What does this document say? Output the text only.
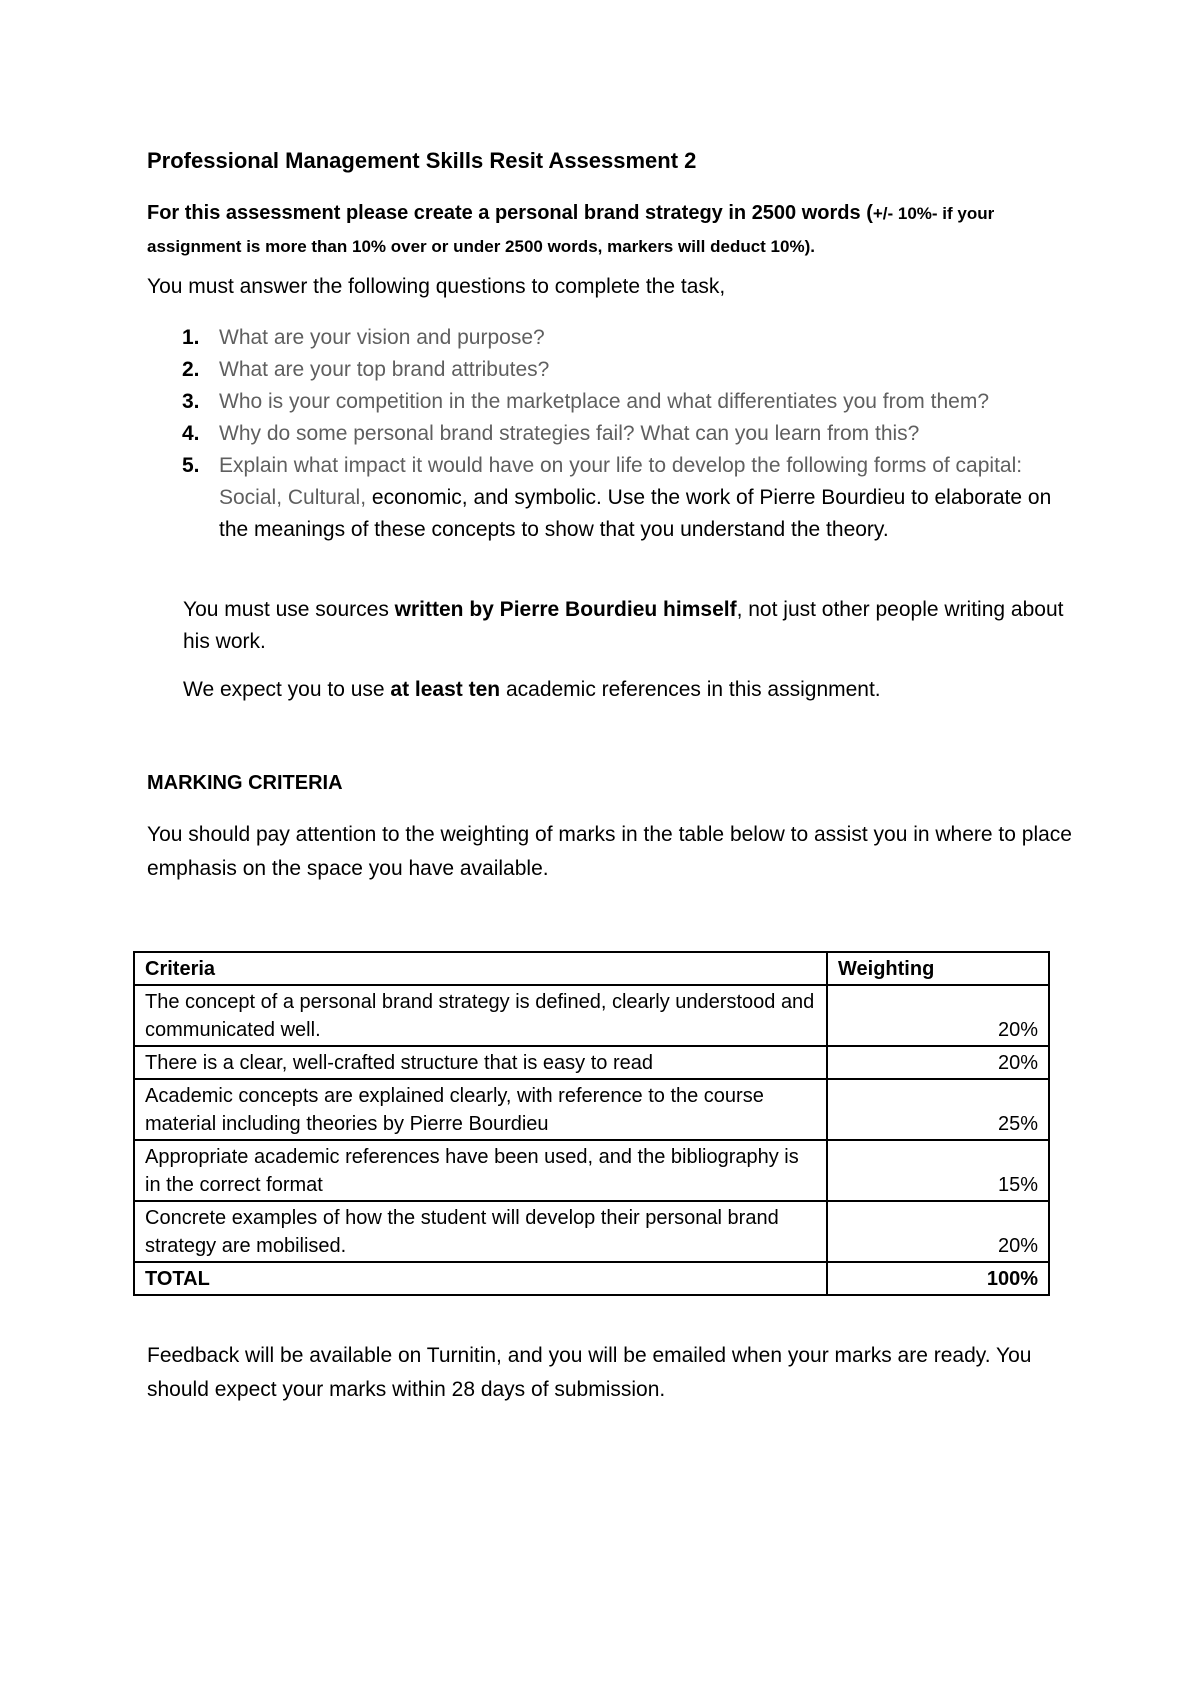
Professional Management Skills Resit Assessment 2

For this assessment please create a personal brand strategy in 2500 words (+/- 10%- if your assignment is more than 10% over or under 2500 words, markers will deduct 10%).

You must answer the following questions to complete the task,

1. What are your vision and purpose?
2. What are your top brand attributes?
3. Who is your competition in the marketplace and what differentiates you from them?
4. Why do some personal brand strategies fail? What can you learn from this?
5. Explain what impact it would have on your life to develop the following forms of capital: Social, Cultural, economic, and symbolic. Use the work of Pierre Bourdieu to elaborate on the meanings of these concepts to show that you understand the theory.

You must use sources written by Pierre Bourdieu himself, not just other people writing about his work.

We expect you to use at least ten academic references in this assignment.

MARKING CRITERIA

You should pay attention to the weighting of marks in the table below to assist you in where to place emphasis on the space you have available.

Criteria	Weighting
The concept of a personal brand strategy is defined, clearly understood and communicated well.	20%
There is a clear, well-crafted structure that is easy to read	20%
Academic concepts are explained clearly, with reference to the course material including theories by Pierre Bourdieu	25%
Appropriate academic references have been used, and the bibliography is in the correct format	15%
Concrete examples of how the student will develop their personal brand strategy are mobilised.	20%
TOTAL	100%

Feedback will be available on Turnitin, and you will be emailed when your marks are ready. You should expect your marks within 28 days of submission.
